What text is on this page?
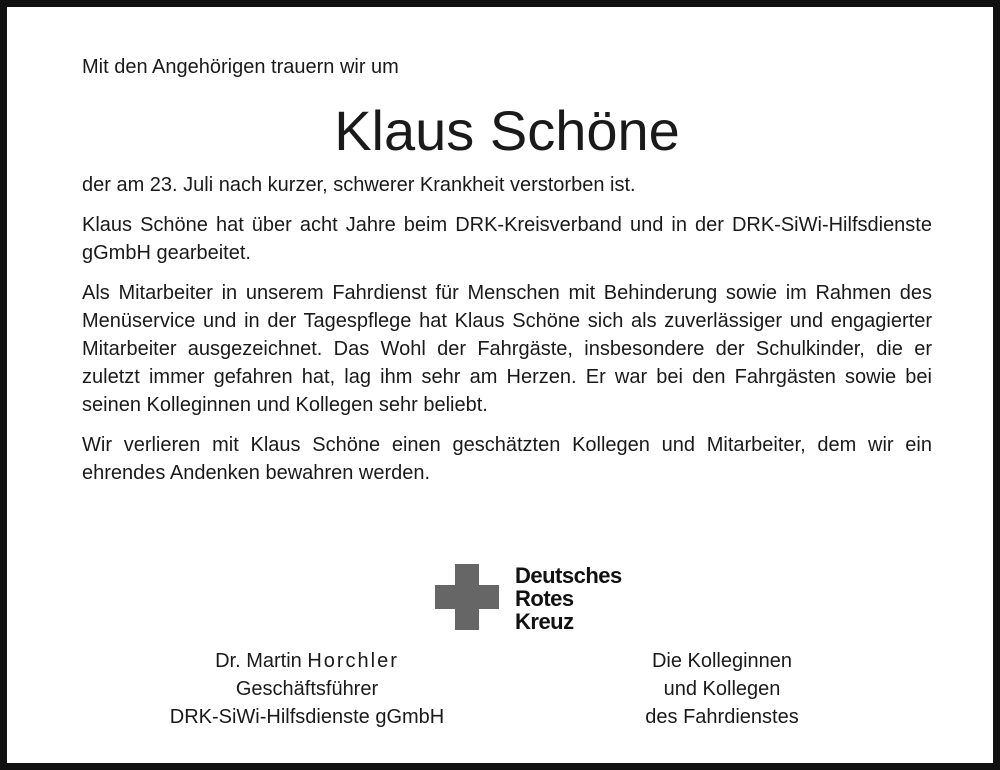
Mit den Angehörigen trauern wir um

Klaus Schöne

der am 23. Juli nach kurzer, schwerer Krankheit verstorben ist.

Klaus Schöne hat über acht Jahre beim DRK-Kreisverband und in der DRK-SiWi-Hilfsdienste gGmbH gearbeitet.

Als Mitarbeiter in unserem Fahrdienst für Menschen mit Behinderung sowie im Rahmen des Menüservice und in der Tagespflege hat Klaus Schöne sich als zuverlässiger und engagierter Mitarbeiter ausgezeichnet. Das Wohl der Fahrgäste, insbesondere der Schulkinder, die er zuletzt immer gefahren hat, lag ihm sehr am Herzen. Er war bei den Fahrgästen sowie bei seinen Kolleginnen und Kollegen sehr beliebt.

Wir verlieren mit Klaus Schöne einen geschätzten Kollegen und Mitarbeiter, dem wir ein ehrendes Andenken bewahren werden.

Deutsches
Rotes
Kreuz
Dr. Martin Horchler
Geschäftsführer
DRK-SiWi-Hilfsdienste gGmbH
Die Kolleginnen
und Kollegen
des Fahrdienstes
